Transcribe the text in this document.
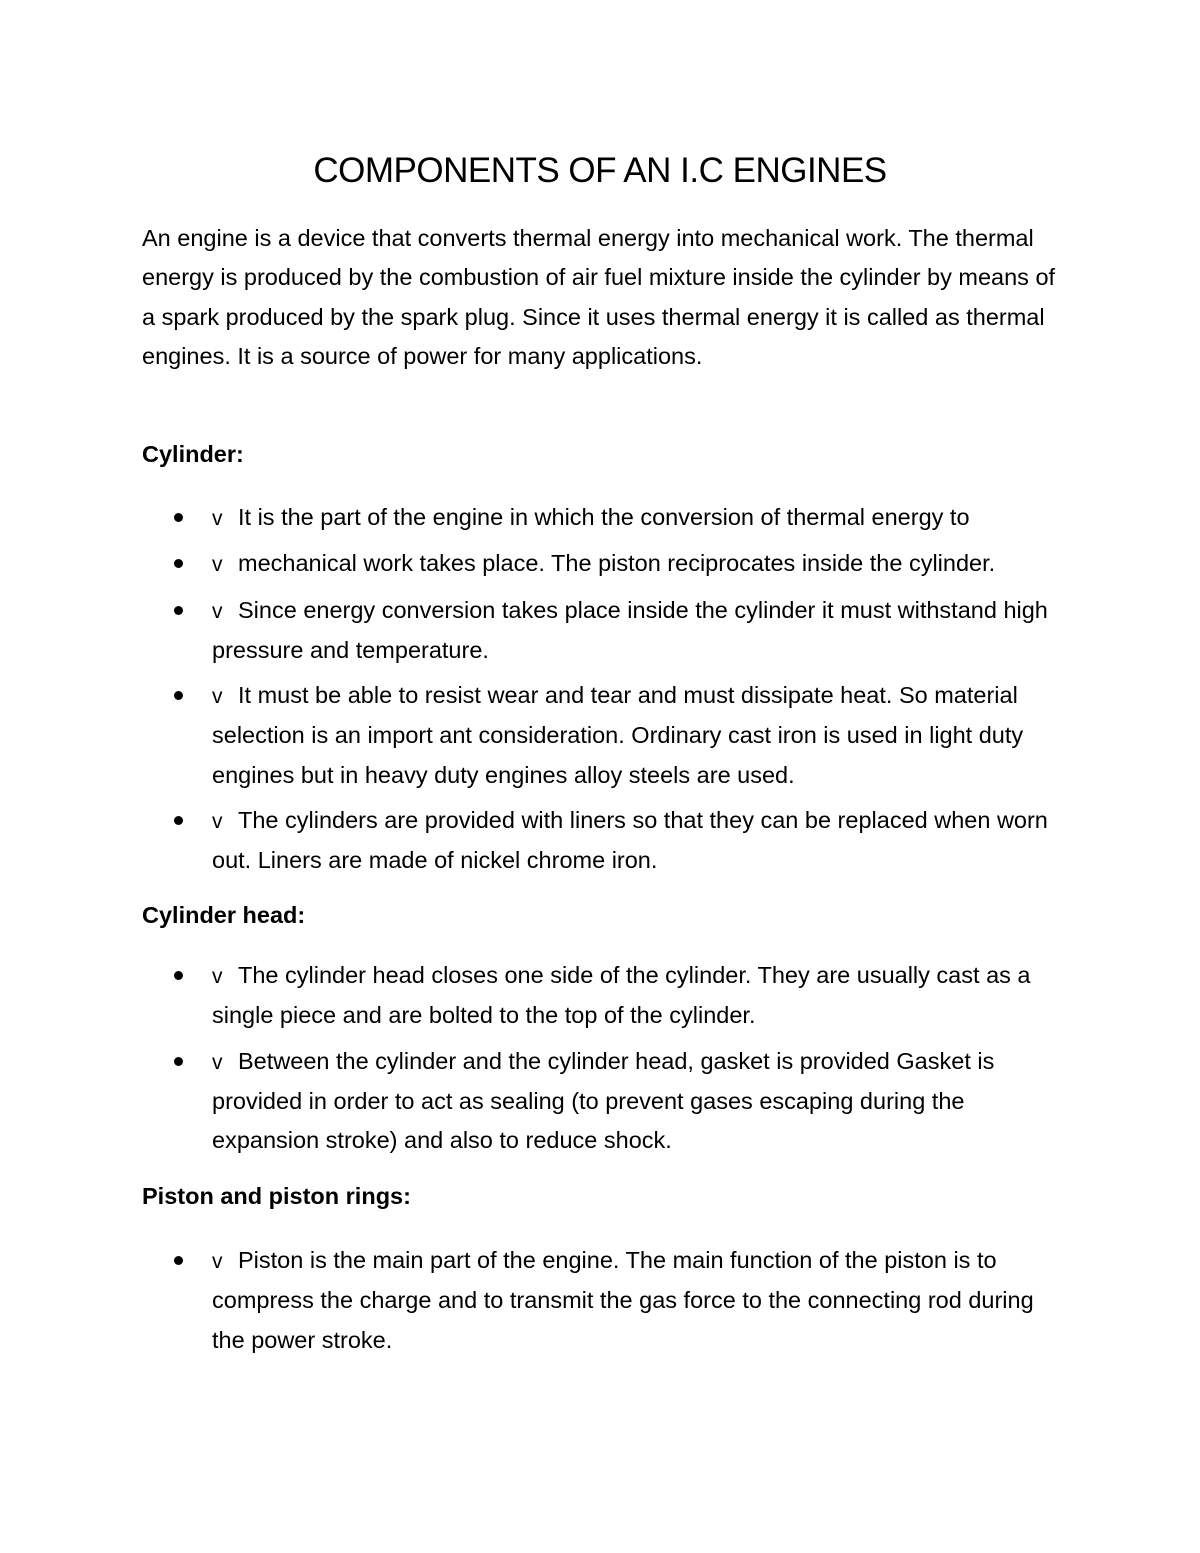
COMPONENTS OF AN I.C ENGINES

An engine is a device that converts thermal energy into mechanical work. The thermal energy is produced by the combustion of air fuel mixture inside the cylinder by means of a spark produced by the spark plug. Since it uses thermal energy it is called as thermal engines. It is a source of power for many applications.

Cylinder:
v It is the part of the engine in which the conversion of thermal energy to
v mechanical work takes place. The piston reciprocates inside the cylinder.
v Since energy conversion takes place inside the cylinder it must withstand high pressure and temperature.
v It must be able to resist wear and tear and must dissipate heat. So material selection is an import ant consideration. Ordinary cast iron is used in light duty engines but in heavy duty engines alloy steels are used.
v The cylinders are provided with liners so that they can be replaced when worn out. Liners are made of nickel chrome iron.
Cylinder head:
v The cylinder head closes one side of the cylinder. They are usually cast as a single piece and are bolted to the top of the cylinder.
v Between the cylinder and the cylinder head, gasket is provided Gasket is provided in order to act as sealing (to prevent gases escaping during the expansion stroke) and also to reduce shock.
Piston and piston rings:
v Piston is the main part of the engine. The main function of the piston is to compress the charge and to transmit the gas force to the connecting rod during the power stroke.
